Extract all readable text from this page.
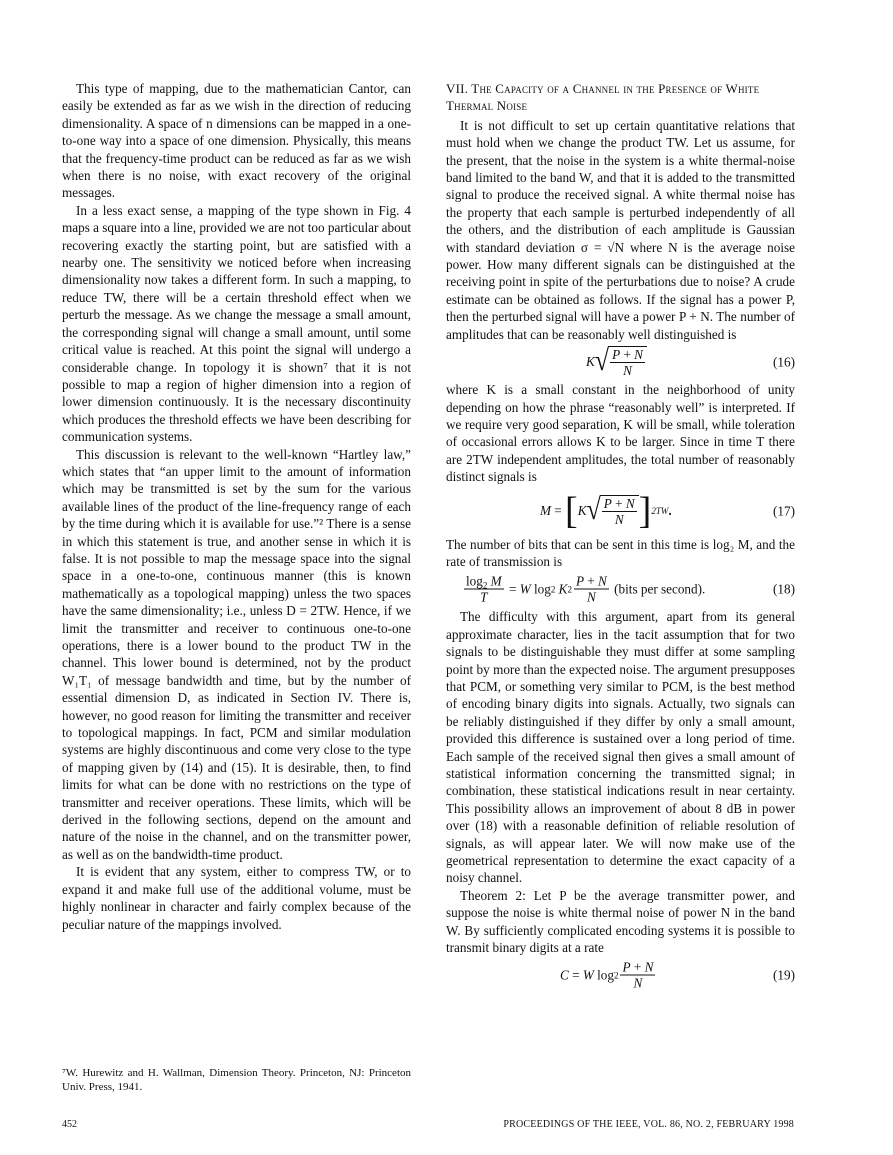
This type of mapping, due to the mathematician Cantor, can easily be extended as far as we wish in the direction of reducing dimensionality. A space of n dimensions can be mapped in a one-to-one way into a space of one dimension. Physically, this means that the frequency-time product can be reduced as far as we wish when there is no noise, with exact recovery of the original messages.

In a less exact sense, a mapping of the type shown in Fig. 4 maps a square into a line, provided we are not too particular about recovering exactly the starting point, but are satisfied with a nearby one. The sensitivity we noticed before when increasing dimensionality now takes a different form. In such a mapping, to reduce TW, there will be a certain threshold effect when we perturb the message. As we change the message a small amount, the corresponding signal will change a small amount, until some critical value is reached. At this point the signal will undergo a considerable change. In topology it is shown⁷ that it is not possible to map a region of higher dimension into a region of lower dimension continuously. It is the necessary discontinuity which produces the threshold effects we have been describing for communication systems.

This discussion is relevant to the well-known “Hartley law,” which states that “an upper limit to the amount of information which may be transmitted is set by the sum for the various available lines of the product of the line-frequency range of each by the time during which it is available for use.”² There is a sense in which this statement is true, and another sense in which it is false. It is not possible to map the message space into the signal space in a one-to-one, continuous manner (this is known mathematically as a topological mapping) unless the two spaces have the same dimensionality; i.e., unless D = 2TW. Hence, if we limit the transmitter and receiver to continuous one-to-one operations, there is a lower bound to the product TW in the channel. This lower bound is determined, not by the product W₁T₁ of message bandwidth and time, but by the number of essential dimension D, as indicated in Section IV. There is, however, no good reason for limiting the transmitter and receiver to topological mappings. In fact, PCM and similar modulation systems are highly discontinuous and come very close to the type of mapping given by (14) and (15). It is desirable, then, to find limits for what can be done with no restrictions on the type of transmitter and receiver operations. These limits, which will be derived in the following sections, depend on the amount and nature of the noise in the channel, and on the transmitter power, as well as on the bandwidth-time product.

It is evident that any system, either to compress TW, or to expand it and make full use of the additional volume, must be highly nonlinear in character and fairly complex because of the peculiar nature of the mappings involved.

VII. The Capacity of a Channel in the Presence of White Thermal Noise

It is not difficult to set up certain quantitative relations that must hold when we change the product TW. Let us assume, for the present, that the noise in the system is a white thermal-noise band limited to the band W, and that it is added to the transmitted signal to produce the received signal. A white thermal noise has the property that each sample is perturbed independently of all the others, and the distribution of each amplitude is Gaussian with standard deviation σ = √N where N is the average noise power. How many different signals can be distinguished at the receiving point in spite of the perturbations due to noise? A crude estimate can be obtained as follows. If the signal has a power P, then the perturbed signal will have a power P + N. The number of amplitudes that can be reasonably well distinguished is

K √ $\frac{P + N}{N}$	(16)

where K is a small constant in the neighborhood of unity depending on how the phrase “reasonably well” is interpreted. If we require very good separation, K will be small, while toleration of occasional errors allows K to be larger. Since in time T there are 2TW independent amplitudes, the total number of reasonably distinct signals is

M = [ K √ $\frac{P + N}{N}$ ] 2TW .	(17)

The number of bits that can be sent in this time is log₂ M, and the rate of transmission is

$\frac{\log_2 M}{T} = W$ log 2
K $2 \frac{P + N}{N}$ (bits per second).	(18)

The difficulty with this argument, apart from its general approximate character, lies in the tacit assumption that for two signals to be distinguishable they must differ at some sampling point by more than the expected noise. The argument presupposes that PCM, or something very similar to PCM, is the best method of encoding binary digits into signals. Actually, two signals can be reliably distinguished if they differ by only a small amount, provided this difference is sustained over a long period of time. Each sample of the received signal then gives a small amount of statistical information concerning the transmitted signal; in combination, these statistical indications result in near certainty. This possibility allows an improvement of about 8 dB in power over (18) with a reasonable definition of reliable resolution of signals, as will appear later. We will now make use of the geometrical representation to determine the exact capacity of a noisy channel.

Theorem 2: Let P be the average transmitter power, and suppose the noise is white thermal noise of power N in the band W. By sufficiently complicated encoding systems it is possible to transmit binary digits at a rate

C = W $\log 2 \frac{P + N}{N}$	(19)
⁷W. Hurewitz and H. Wallman, Dimension Theory. Princeton, NJ: Princeton Univ. Press, 1941.
452	PROCEEDINGS OF THE IEEE, VOL. 86, NO. 2, FEBRUARY 1998
